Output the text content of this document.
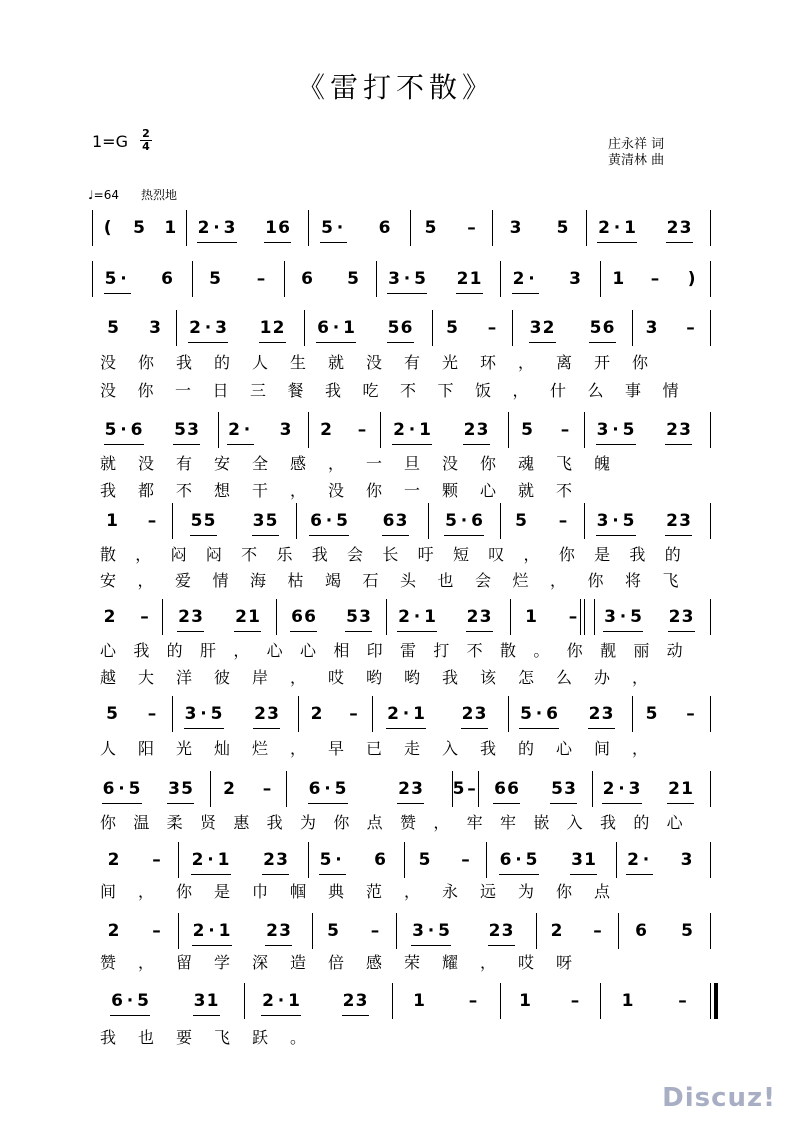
《雷打不散》
1=G 2
4	庄永祥 词
黄清林 曲
♩=64 热烈地
( 5 1 2 · 3 1 6 5 · 6 5 – 3 5 2 · 1 2 3
5 · 6 5 – 6 5 3 · 5 2 1 2 · 3 1 – )
5 3 2 · 3 1 2 6 · 1 5 6 5 – 3 2 5 6 3 –
没你我的人生就没有光环，离开你
没你一日三餐我吃不下饭，什么事情
5 · 6 5 3 2 · 3 2 – 2 · 1 2 3 5 – 3 · 5 2 3
就没有安全感，一旦没你魂飞魄
我都不想干，没你一颗心就不
1 – 5 5 3 5 6 · 5 6 3 5 · 6 5 – 3 · 5 2 3
散，闷闷不乐我会长吁短叹，你是我的
安，爱情海枯竭石头也会烂，你将飞
2 – 2 3 2 1 6 6 5 3 2 · 1 2 3 1 – 3 · 5 2 3
心我的肝，心心相印雷打不散。你靓丽动
越大洋彼岸，哎哟哟我该怎么办，
5 – 3 · 5 2 3 2 – 2 · 1 2 3 5 · 6 2 3 5 –
人阳光灿烂，早已走入我的心间，
6 · 5 3 5 2 – 6 · 5	2 3 5 – 6 6 5 3 2 · 3 2 1
你温柔贤惠我为你点赞，牢牢嵌入我的心
2 – 2 · 1 2 3 5 · 6 5 – 6 · 5 3 1 2 · 3
间，你是巾帼典范，永远为你点
2 – 2 · 1 2 3 5 – 3 · 5 2 3 2 – 6 5
赞，留学深造倍感荣耀，哎呀
6 · 5	3 1	2 · 1	2 3	1	– 1 – 1	–
我也要飞跃。
Discuz!
